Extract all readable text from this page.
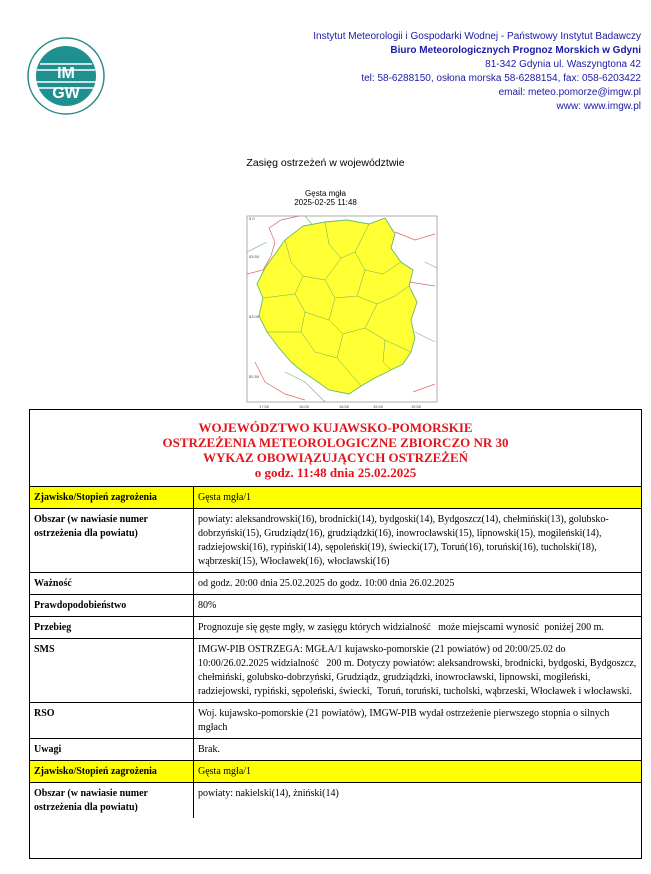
IM
GW
Instytut Meteorologii i Gospodarki Wodnej - Państwowy Instytut Badawczy
Biuro Meteorologicznych Prognoz Morskich w Gdyni
81-342 Gdynia ul. Waszyngtona 42
tel: 58-6288150, osłona morska 58-6288154, fax: 058-6203422
email: meteo.pomorze@imgw.pl
www: www.imgw.pl
Zasięg ostrzeżeń w województwie
Gęsta mgła
2025-02-25 11:48
5 0
53.50
53.00
52.50
17.50	18.00	18.50	19.00	19.50
WOJEWÓDZTWO KUJAWSKO-POMORSKIE
OSTRZEŻENIA METEOROLOGICZNE ZBIORCZO NR 30
WYKAZ OBOWIĄZUJĄCYCH OSTRZEŻEŃ
o godz. 11:48 dnia 25.02.2025
Zjawisko/Stopień zagrożenia	Gęsta mgła/1
Obszar (w nawiasie numer ostrzeżenia dla powiatu)	powiaty: aleksandrowski(16), brodnicki(14), bydgoski(14), Bydgoszcz(14), chełmiński(13), golubsko-dobrzyński(15), Grudziądz(16), grudziądzki(16), inowrocławski(15), lipnowski(15), mogileński(14), radziejowski(16), rypiński(14), sępoleński(19), świecki(17), Toruń(16), toruński(16), tucholski(18), wąbrzeski(15), Włocławek(16), włocławski(16)
Ważność	od godz. 20:00 dnia 25.02.2025 do godz. 10:00 dnia 26.02.2025
Prawdopodobieństwo	80%
Przebieg	Prognozuje się gęste mgły, w zasięgu których widzialność   może miejscami wynosić  poniżej 200 m.
SMS	IMGW-PIB OSTRZEGA: MGŁA/1 kujawsko-pomorskie (21 powiatów) od 20:00/25.02 do 10:00/26.02.2025 widzialność   200 m. Dotyczy powiatów: aleksandrowski, brodnicki, bydgoski, Bydgoszcz, chełmiński, golubsko-dobrzyński, Grudziądz, grudziądzki, inowrocławski, lipnowski, mogileński, radziejowski, rypiński, sępoleński, świecki,  Toruń, toruński, tucholski, wąbrzeski, Włocławek i włocławski.
RSO	Woj. kujawsko-pomorskie (21 powiatów), IMGW-PIB wydał ostrzeżenie pierwszego stopnia o silnych mgłach
Uwagi	Brak.
Zjawisko/Stopień zagrożenia	Gęsta mgła/1
Obszar (w nawiasie numer ostrzeżenia dla powiatu)	powiaty: nakielski(14), żniński(14)
